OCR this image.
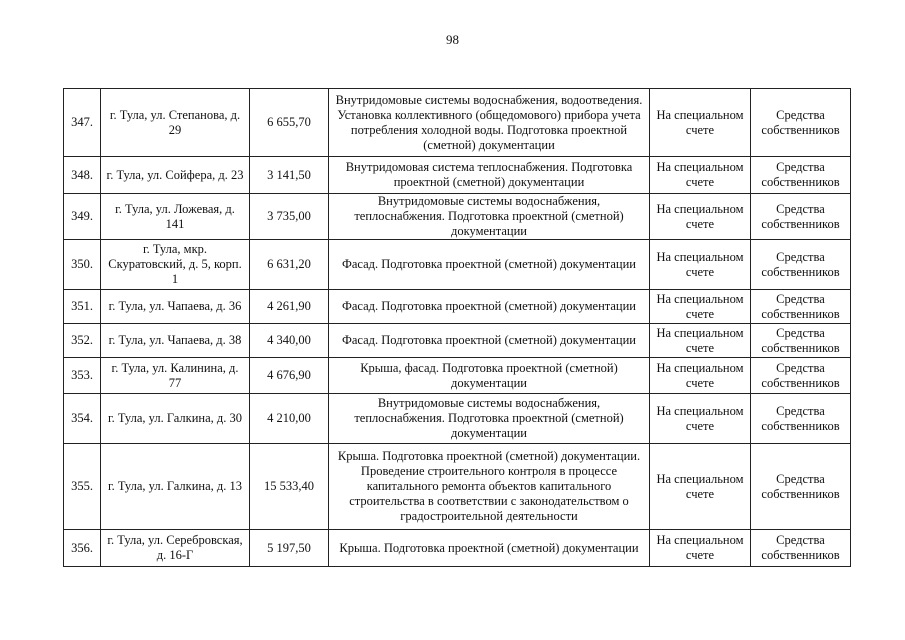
98
347.	г. Тула, ул. Степанова, д. 29	6 655,70	Внутридомовые системы водоснабжения, водоотведения. Установка коллективного (общедомового) прибора учета потребления холодной воды. Подготовка проектной (сметной) документации	На специальном счете	Средства собственников
348.	г. Тула, ул. Сойфера, д. 23	3 141,50	Внутридомовая система теплоснабжения. Подготовка проектной (сметной) документации	На специальном счете	Средства собственников
349.	г. Тула, ул. Ложевая, д. 141	3 735,00	Внутридомовые системы водоснабжения, теплоснабжения. Подготовка проектной (сметной) документации	На специальном счете	Средства собственников
350.	г. Тула, мкр. Скуратовский, д. 5, корп. 1	6 631,20	Фасад. Подготовка проектной (сметной) документации	На специальном счете	Средства собственников
351.	г. Тула, ул. Чапаева, д. 36	4 261,90	Фасад. Подготовка проектной (сметной) документации	На специальном счете	Средства собственников
352.	г. Тула, ул. Чапаева, д. 38	4 340,00	Фасад. Подготовка проектной (сметной) документации	На специальном счете	Средства собственников
353.	г. Тула, ул. Калинина, д. 77	4 676,90	Крыша, фасад. Подготовка проектной (сметной) документации	На специальном счете	Средства собственников
354.	г. Тула, ул. Галкина, д. 30	4 210,00	Внутридомовые системы водоснабжения, теплоснабжения. Подготовка проектной (сметной) документации	На специальном счете	Средства собственников
355.	г. Тула, ул. Галкина, д. 13	15 533,40	Крыша. Подготовка проектной (сметной) документации. Проведение строительного контроля в процессе капитального ремонта объектов капитального строительства в соответствии с законодательством о градостроительной деятельности	На специальном счете	Средства собственников
356.	г. Тула, ул. Серебровская, д. 16-Г	5 197,50	Крыша. Подготовка проектной (сметной) документации	На специальном счете	Средства собственников
